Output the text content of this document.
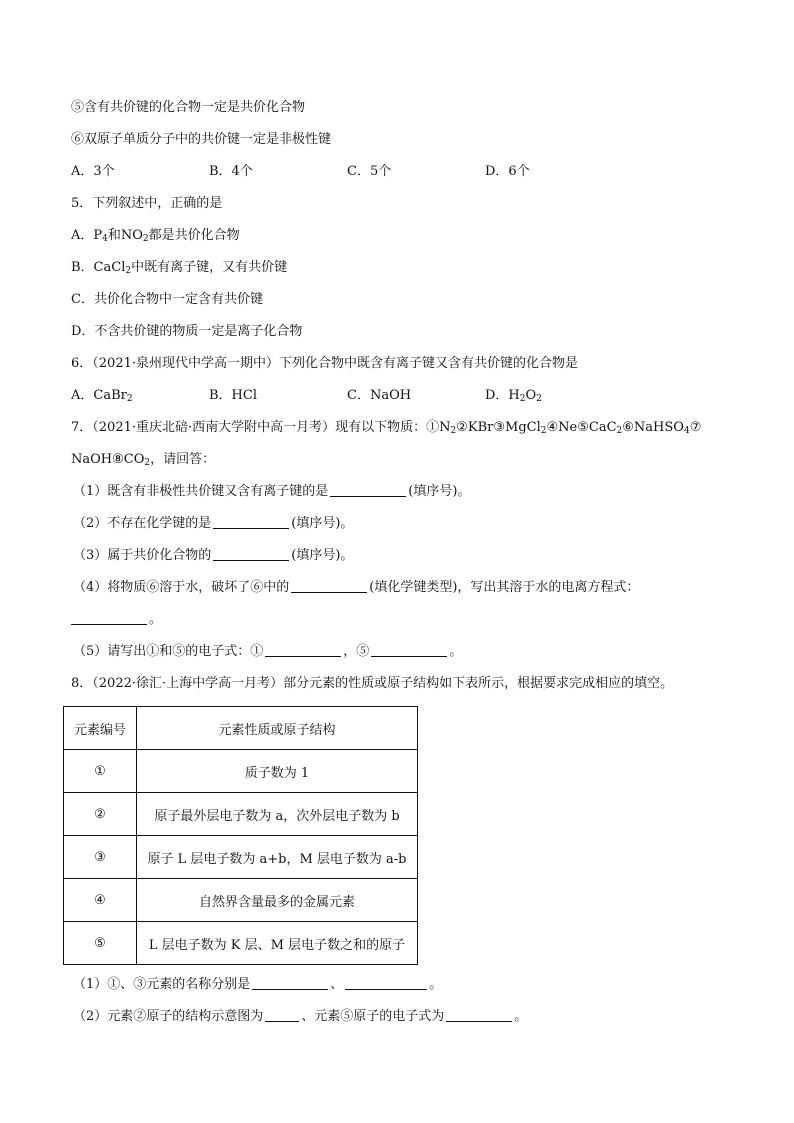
⑤含有共价键的化合物一定是共价化合物
⑥双原子单质分子中的共价键一定是非极性键
A．3个	B．4个	C．5个	D．6个
5．下列叙述中，正确的是
A．$P_4$和$NO_2$都是共价化合物
B．CaCl$_2$中既有离子键，又有共价键
C．共价化合物中一定含有共价键
D．不含共价键的物质一定是离子化合物
6．（2021·泉州现代中学高一期中）下列化合物中既含有离子键又含有共价键的化合物是
A．CaBr$_2$	B．HCl	C．NaOH	D．$H_2O_2$
7．（2021·重庆北碚·西南大学附中高一月考）现有以下物质：$①N_2②KBr③MgCl_2④Ne⑤CaC_2⑥NaHSO_4⑦$
$NaOH⑧CO_2$，请回答：
（1）既含有非极性共价键又含有离子键的是	(填序号)。
（2）不存在化学键的是	(填序号)。
（3）属于共价化合物的	(填序号)。
（4）将物质⑥溶于水，破坏了⑥中的	(填化学键类型)，写出其溶于水的电离方程式：
。
（5）请写出①和⑤的电子式：①	，⑤	。
8．（2022·徐汇·上海中学高一月考）部分元素的性质或原子结构如下表所示，根据要求完成相应的填空。
元素编号	元素性质或原子结构
①	质子数为 1
②	原子最外层电子数为 a，次外层电子数为 b
③	原子 L 层电子数为 a+b，M 层电子数为 a-b
④	自然界含量最多的金属元素
⑤	L 层电子数为 K 层、M 层电子数之和的原子
（1）①、③元素的名称分别是	、	。
（2）元素②原子的结构示意图为	、元素⑤原子的电子式为	。
